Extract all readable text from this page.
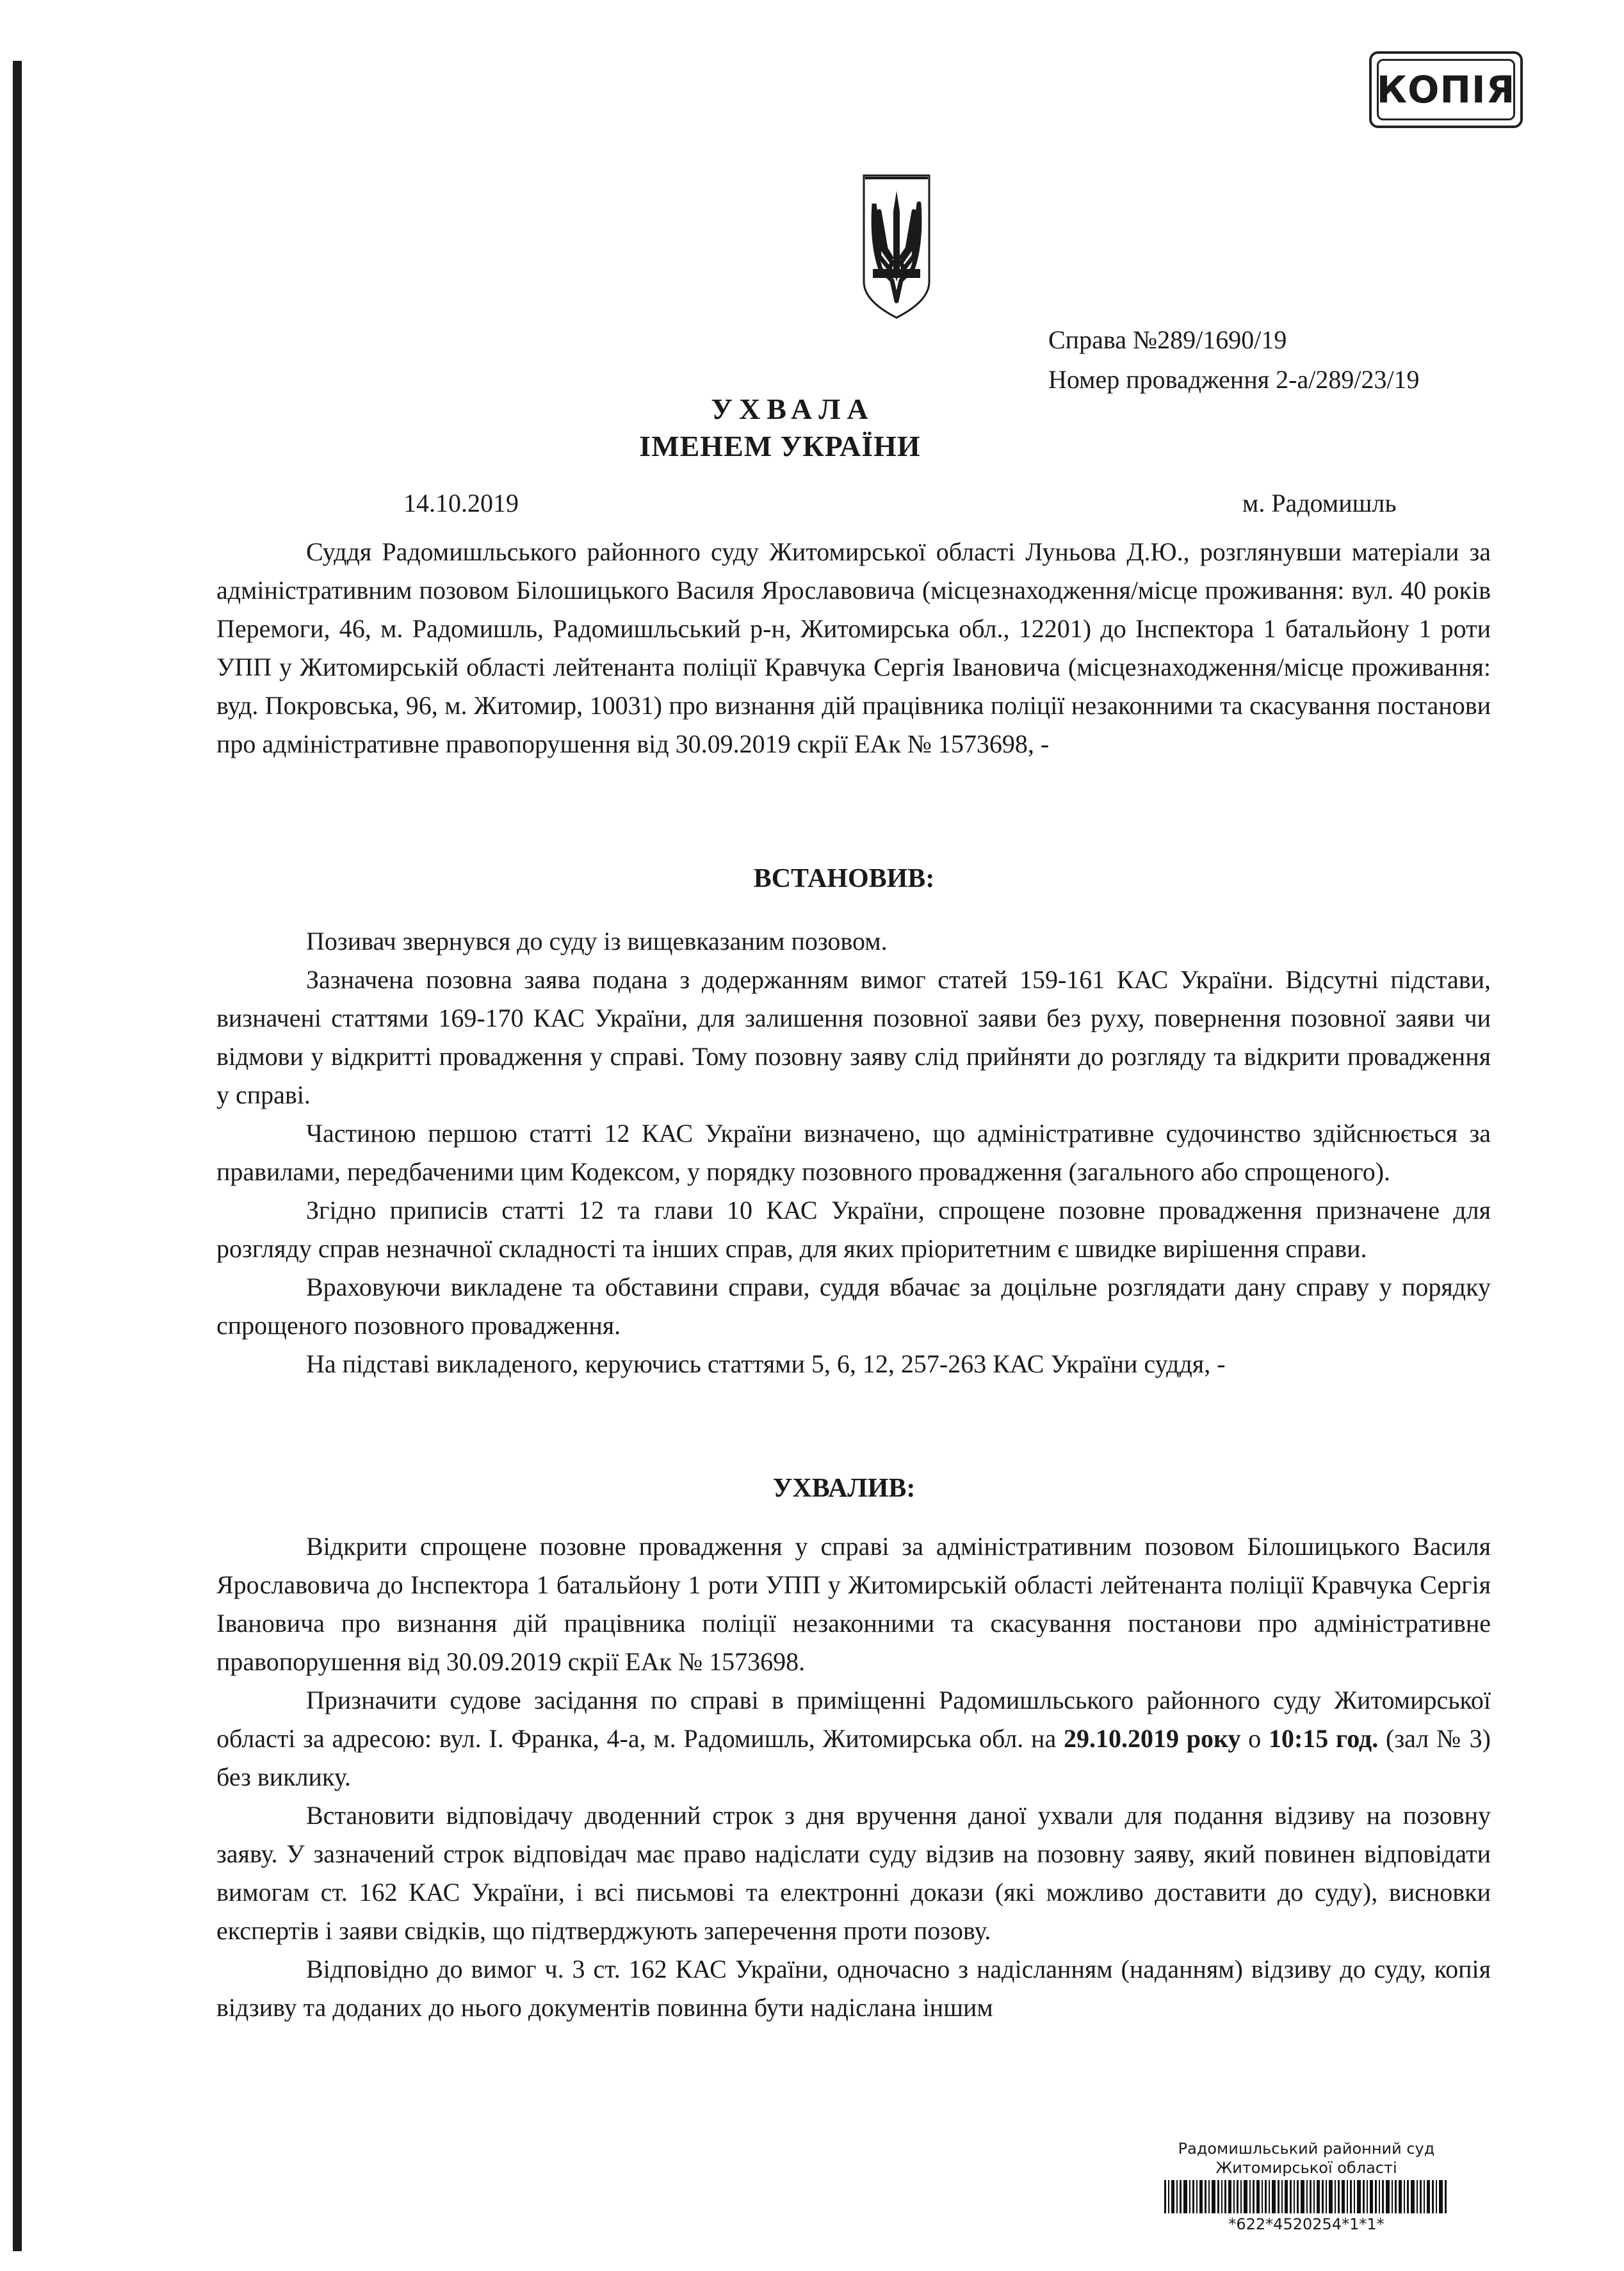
КОПІЯ
Справа №289/1690/19
Номер провадження 2-а/289/23/19
УХВАЛА
ІМЕНЕМ УКРАЇНИ
14.10.2019	м. Радомишль

Суддя Радомишльського районного суду Житомирської області Луньова Д.Ю., розглянувши матеріали за адміністративним позовом Білошицького Василя Ярославовича (місцезнаходження/місце проживання: вул. 40 років Перемоги, 46, м. Радомишль, Радомишльський р-н, Житомирська обл., 12201) до Інспектора 1 батальйону 1 роти УПП у Житомирській області лейтенанта поліції Кравчука Сергія Івановича (місцезнаходження/місце проживання: вуд. Покровська, 96, м. Житомир, 10031) про визнання дій працівника поліції незаконними та скасування постанови про адміністративне правопорушення від 30.09.2019 скрії ЕАк № 1573698, -

ВСТАНОВИВ:

Позивач звернувся до суду із вищевказаним позовом.

Зазначена позовна заява подана з додержанням вимог статей 159-161 КАС України. Відсутні підстави, визначені статтями 169-170 КАС України, для залишення позовної заяви без руху, повернення позовної заяви чи відмови у відкритті провадження у справі. Тому позовну заяву слід прийняти до розгляду та відкрити провадження у справі.

Частиною першою статті 12 КАС України визначено, що адміністративне судочинство здійснюється за правилами, передбаченими цим Кодексом, у порядку позовного провадження (загального або спрощеного).

Згідно приписів статті 12 та глави 10 КАС України, спрощене позовне провадження призначене для розгляду справ незначної складності та інших справ, для яких пріоритетним є швидке вирішення справи.

Враховуючи викладене та обставини справи, суддя вбачає за доцільне розглядати дану справу у порядку спрощеного позовного провадження.

На підставі викладеного, керуючись статтями 5, 6, 12, 257-263 КАС України суддя, -

УХВАЛИВ:

Відкрити спрощене позовне провадження у справі за адміністративним позовом Білошицького Василя Ярославовича до Інспектора 1 батальйону 1 роти УПП у Житомирській області лейтенанта поліції Кравчука Сергія Івановича про визнання дій працівника поліції незаконними та скасування постанови про адміністративне правопорушення від 30.09.2019 скрії ЕАк № 1573698.

Призначити судове засідання по справі в приміщенні Радомишльського районного суду Житомирської області за адресою: вул. І. Франка, 4-а, м. Радомишль, Житомирська обл. на 29.10.2019 року о 10:15 год. (зал № 3) без виклику.

Встановити відповідачу дводенний строк з дня вручення даної ухвали для подання відзиву на позовну заяву. У зазначений строк відповідач має право надіслати суду відзив на позовну заяву, який повинен відповідати вимогам ст. 162 КАС України, і всі письмові та електронні докази (які можливо доставити до суду), висновки експертів і заяви свідків, що підтверджують заперечення проти позову.

Відповідно до вимог ч. 3 ст. 162 КАС України, одночасно з надісланням (наданням) відзиву до суду, копія відзиву та доданих до нього документів повинна бути надіслана іншим

Радомишльський районний суд
Житомирської області
*622*4520254*1*1*
